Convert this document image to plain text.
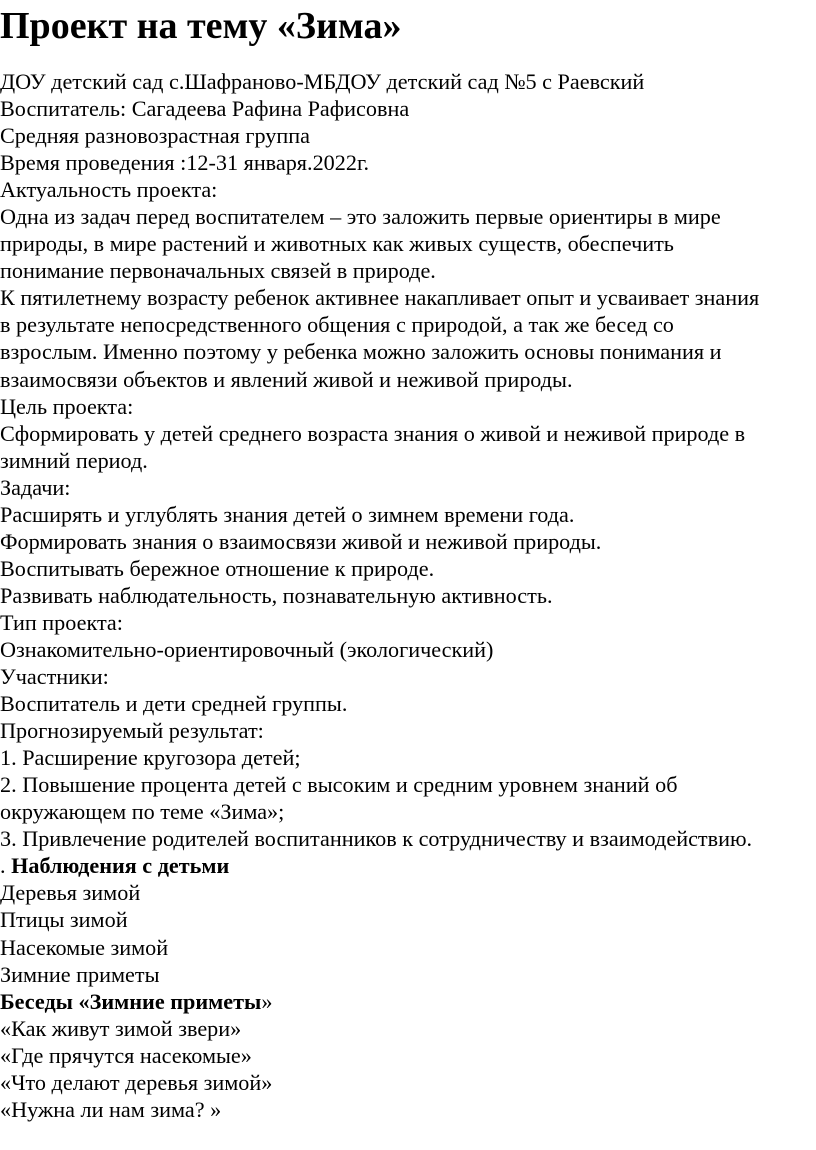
Проект на тему «Зима»
ДОУ детский сад с.Шафраново-МБДОУ детский сад №5 с Раевский
Воспитатель: Сагадеева Рафина Рафисовна
Средняя разновозрастная группа
Время проведения :12-31 января.2022г.
Актуальность проекта:
Одна из задач перед воспитателем – это заложить первые ориентиры в мире
природы, в мире растений и животных как живых существ, обеспечить
понимание первоначальных связей в природе.
К пятилетнему возрасту ребенок активнее накапливает опыт и усваивает знания
в результате непосредственного общения с природой, а так же бесед со
взрослым. Именно поэтому у ребенка можно заложить основы понимания и
взаимосвязи объектов и явлений живой и неживой природы.
Цель проекта:
Сформировать у детей среднего возраста знания о живой и неживой природе в
зимний период.
Задачи:
Расширять и углублять знания детей о зимнем времени года.
Формировать знания о взаимосвязи живой и неживой природы.
Воспитывать бережное отношение к природе.
Развивать наблюдательность, познавательную активность.
Тип проекта:
Ознакомительно-ориентировочный (экологический)
Участники:
Воспитатель и дети средней группы.
Прогнозируемый результат:
1. Расширение кругозора детей;
2. Повышение процента детей с высоким и средним уровнем знаний об
окружающем по теме «Зима»;
3. Привлечение родителей воспитанников к сотрудничеству и взаимодействию.
. Наблюдения с детьми
Деревья зимой
Птицы зимой
Насекомые зимой
Зимние приметы
Беседы «Зимние приметы»
«Как живут зимой звери»
«Где прячутся насекомые»
«Что делают деревья зимой»
«Нужна ли нам зима? »
